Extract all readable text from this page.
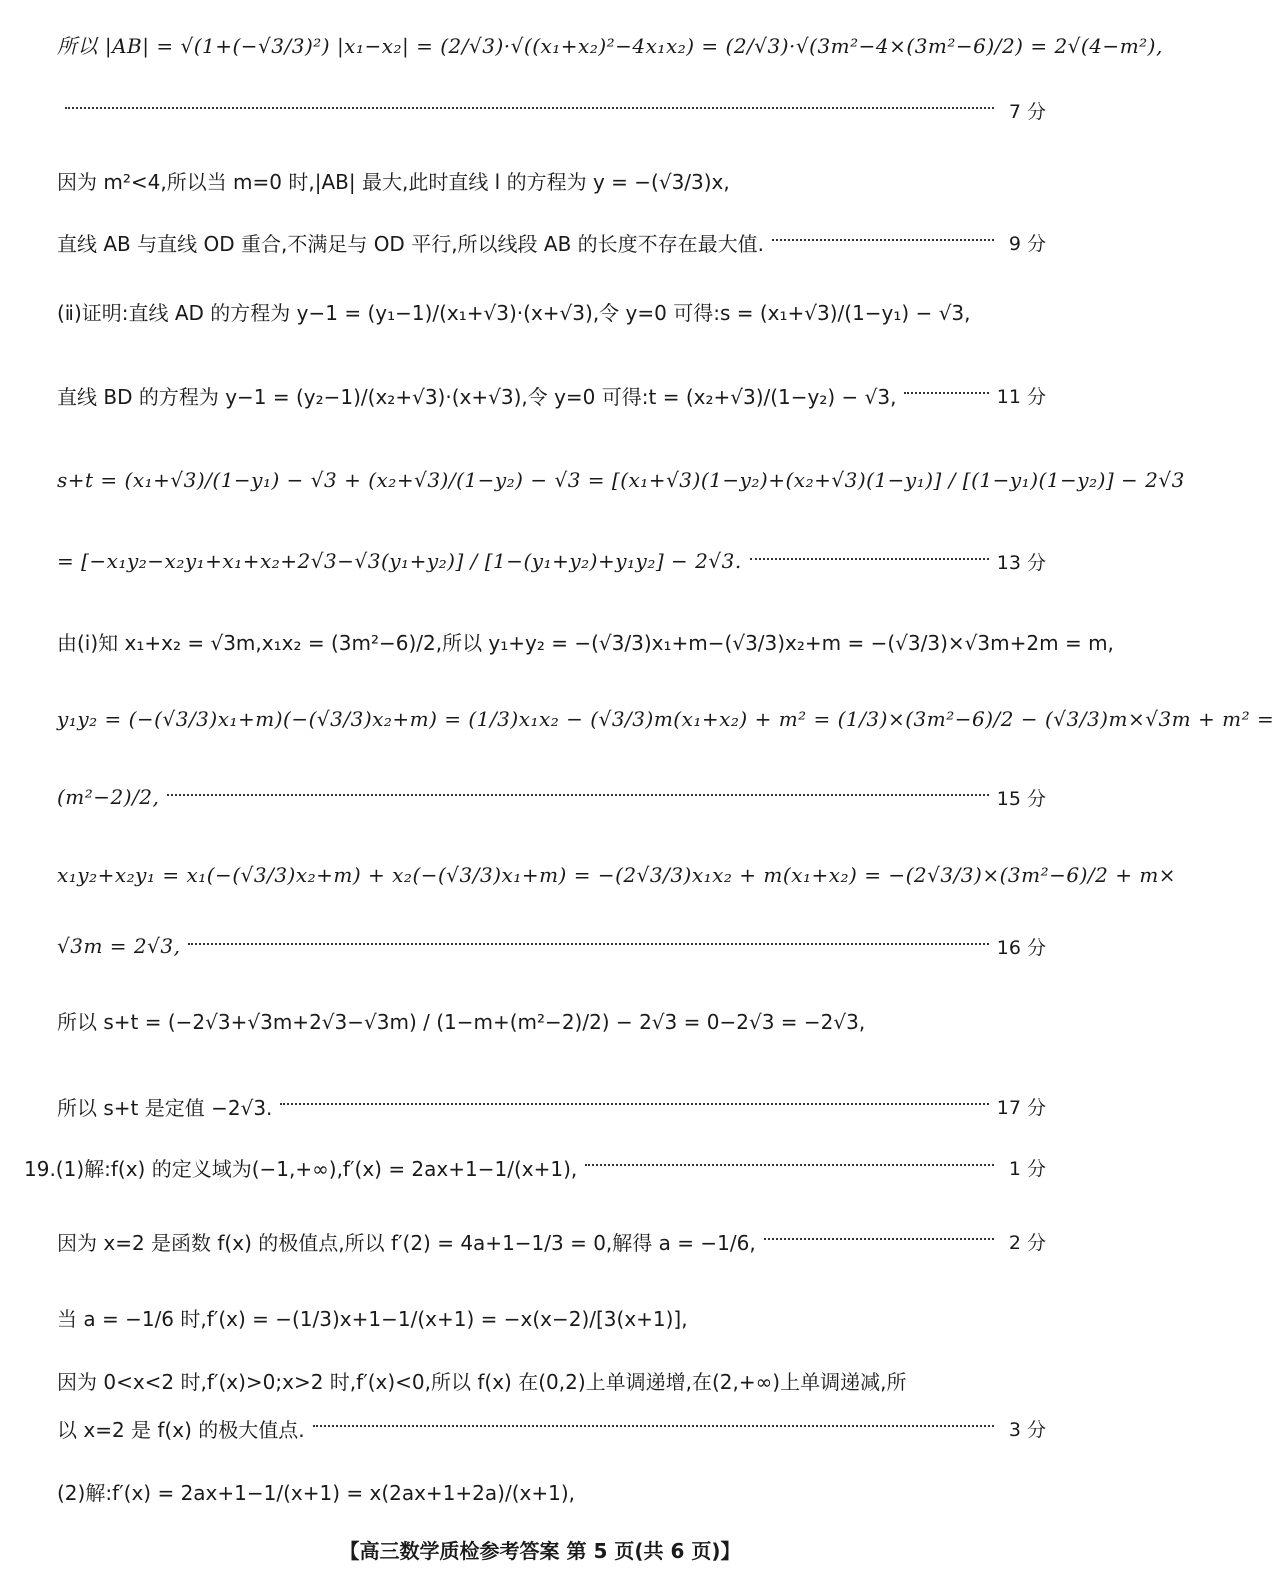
所以 |AB| = √(1+(−√3/3)²) |x₁−x₂| = (2/√3)·√((x₁+x₂)²−4x₁x₂) = (2/√3)·√(3m²−4×(3m²−6)/2) = 2√(4−m²),
7 分
因为 m²<4,所以当 m=0 时,|AB| 最大,此时直线 l 的方程为 y = −(√3/3)x,
直线 AB 与直线 OD 重合,不满足与 OD 平行,所以线段 AB 的长度不存在最大值.	9 分
(ⅱ)证明:直线 AD 的方程为 y−1 = (y₁−1)/(x₁+√3)·(x+√3),令 y=0 可得:s = (x₁+√3)/(1−y₁) − √3,
直线 BD 的方程为 y−1 = (y₂−1)/(x₂+√3)·(x+√3),令 y=0 可得:t = (x₂+√3)/(1−y₂) − √3,	11 分
s+t = (x₁+√3)/(1−y₁) − √3 + (x₂+√3)/(1−y₂) − √3 = [(x₁+√3)(1−y₂)+(x₂+√3)(1−y₁)] / [(1−y₁)(1−y₂)] − 2√3
= [−x₁y₂−x₂y₁+x₁+x₂+2√3−√3(y₁+y₂)] / [1−(y₁+y₂)+y₁y₂] − 2√3.	13 分
由(ⅰ)知 x₁+x₂ = √3m,x₁x₂ = (3m²−6)/2,所以 y₁+y₂ = −(√3/3)x₁+m−(√3/3)x₂+m = −(√3/3)×√3m+2m = m,
y₁y₂ = (−(√3/3)x₁+m)(−(√3/3)x₂+m) = (1/3)x₁x₂ − (√3/3)m(x₁+x₂) + m² = (1/3)×(3m²−6)/2 − (√3/3)m×√3m + m² =
(m²−2)/2,	15 分
x₁y₂+x₂y₁ = x₁(−(√3/3)x₂+m) + x₂(−(√3/3)x₁+m) = −(2√3/3)x₁x₂ + m(x₁+x₂) = −(2√3/3)×(3m²−6)/2 + m×
√3m = 2√3,	16 分
所以 s+t = (−2√3+√3m+2√3−√3m) / (1−m+(m²−2)/2) − 2√3 = 0−2√3 = −2√3,
所以 s+t 是定值 −2√3.	17 分
19.(1)解:f(x) 的定义域为(−1,+∞),f′(x) = 2ax+1−1/(x+1),	1 分
因为 x=2 是函数 f(x) 的极值点,所以 f′(2) = 4a+1−1/3 = 0,解得 a = −1/6,	2 分
当 a = −1/6 时,f′(x) = −(1/3)x+1−1/(x+1) = −x(x−2)/[3(x+1)],
因为 0<x<2 时,f′(x)>0;x>2 时,f′(x)<0,所以 f(x) 在(0,2)上单调递增,在(2,+∞)上单调递减,所
以 x=2 是 f(x) 的极大值点.	3 分
(2)解:f′(x) = 2ax+1−1/(x+1) = x(2ax+1+2a)/(x+1),
【高三数学质检参考答案 第 5 页(共 6 页)】
